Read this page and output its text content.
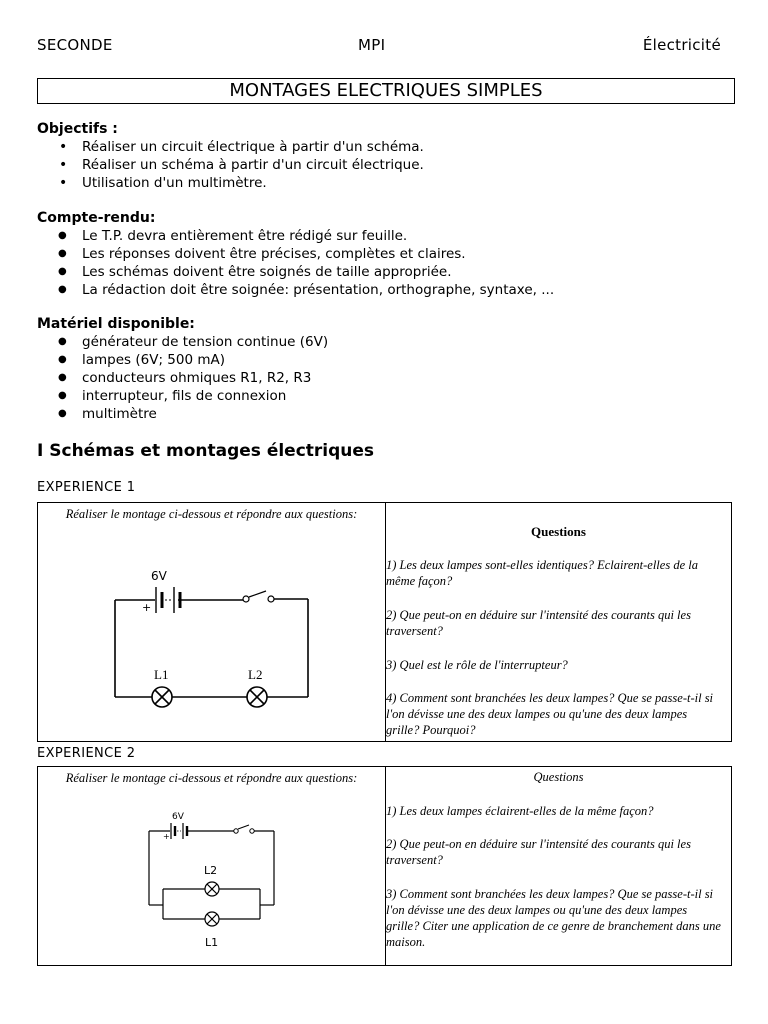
SECONDE	MPI	Électricité
MONTAGES ELECTRIQUES SIMPLES
Objectifs :
• Réaliser un circuit électrique à partir d'un schéma.
• Réaliser un schéma à partir d'un circuit électrique.
• Utilisation d'un multimètre.
Compte-rendu:
● Le T.P. devra entièrement être rédigé sur feuille.
● Les réponses doivent être précises, complètes et claires.
● Les schémas doivent être soignés de taille appropriée.
● La rédaction doit être soignée: présentation, orthographe, syntaxe, ...
Matériel disponible:
● générateur de tension continue (6V)
● lampes (6V; 500 mA)
● conducteurs ohmiques R1, R2, R3
● interrupteur, fils de connexion
● multimètre
I Schémas et montages électriques
EXPERIENCE 1
Réaliser le montage ci-dessous et répondre aux questions:
6V
+
L1	L2
Questions
1) Les deux lampes sont-elles identiques? Eclairent-elles de la même façon?
2) Que peut-on en déduire sur l'intensité des courants qui les traversent?
3) Quel est le rôle de l'interrupteur?
4) Comment sont branchées les deux lampes? Que se passe-t-il si l'on dévisse une des deux lampes ou qu'une des deux lampes grille? Pourquoi?
EXPERIENCE 2
Réaliser le montage ci-dessous et répondre aux questions:
6V
+
L2
L1
Questions
1) Les deux lampes éclairent-elles de la même façon?
2) Que peut-on en déduire sur l'intensité des courants qui les traversent?
3) Comment sont branchées les deux lampes? Que se passe-t-il si l'on dévisse une des deux lampes ou qu'une des deux lampes grille? Citer une application de ce genre de branchement dans une maison.
